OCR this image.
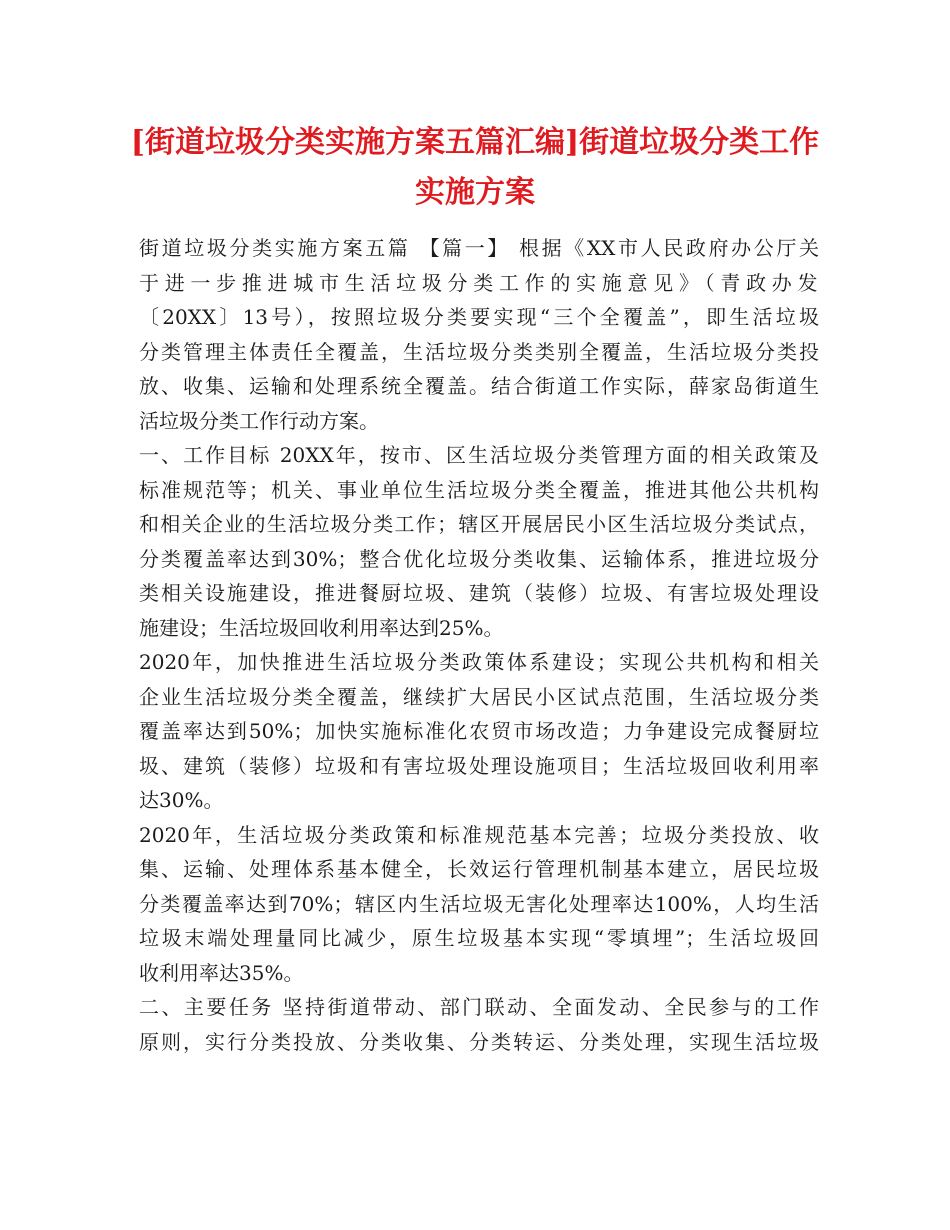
[街道垃圾分类实施方案五篇汇编]街道垃圾分类工作
实施方案

街道垃圾分类实施方案五篇 【篇一】 根据《XX市人民政府办公厅关
于进一步推进城市生活垃圾分类工作的实施意见》（青政办发
〔20XX〕13号），按照垃圾分类要实现“三个全覆盖”，即生活垃圾
分类管理主体责任全覆盖，生活垃圾分类类别全覆盖，生活垃圾分类投
放、收集、运输和处理系统全覆盖。结合街道工作实际，薛家岛街道生
活垃圾分类工作行动方案。

一、工作目标 20XX年，按市、区生活垃圾分类管理方面的相关政策及
标准规范等；机关、事业单位生活垃圾分类全覆盖，推进其他公共机构
和相关企业的生活垃圾分类工作；辖区开展居民小区生活垃圾分类试点，
分类覆盖率达到30%；整合优化垃圾分类收集、运输体系，推进垃圾分
类相关设施建设，推进餐厨垃圾、建筑（装修）垃圾、有害垃圾处理设
施建设；生活垃圾回收利用率达到25%。

2020年，加快推进生活垃圾分类政策体系建设；实现公共机构和相关
企业生活垃圾分类全覆盖，继续扩大居民小区试点范围，生活垃圾分类
覆盖率达到50%；加快实施标准化农贸市场改造；力争建设完成餐厨垃
圾、建筑（装修）垃圾和有害垃圾处理设施项目；生活垃圾回收利用率
达30%。

2020年，生活垃圾分类政策和标准规范基本完善；垃圾分类投放、收
集、运输、处理体系基本健全，长效运行管理机制基本建立，居民垃圾
分类覆盖率达到70%；辖区内生活垃圾无害化处理率达100%，人均生活
垃圾末端处理量同比减少，原生垃圾基本实现“零填埋”；生活垃圾回
收利用率达35%。

二、主要任务 坚持街道带动、部门联动、全面发动、全民参与的工作
原则，实行分类投放、分类收集、分类转运、分类处理，实现生活垃圾
